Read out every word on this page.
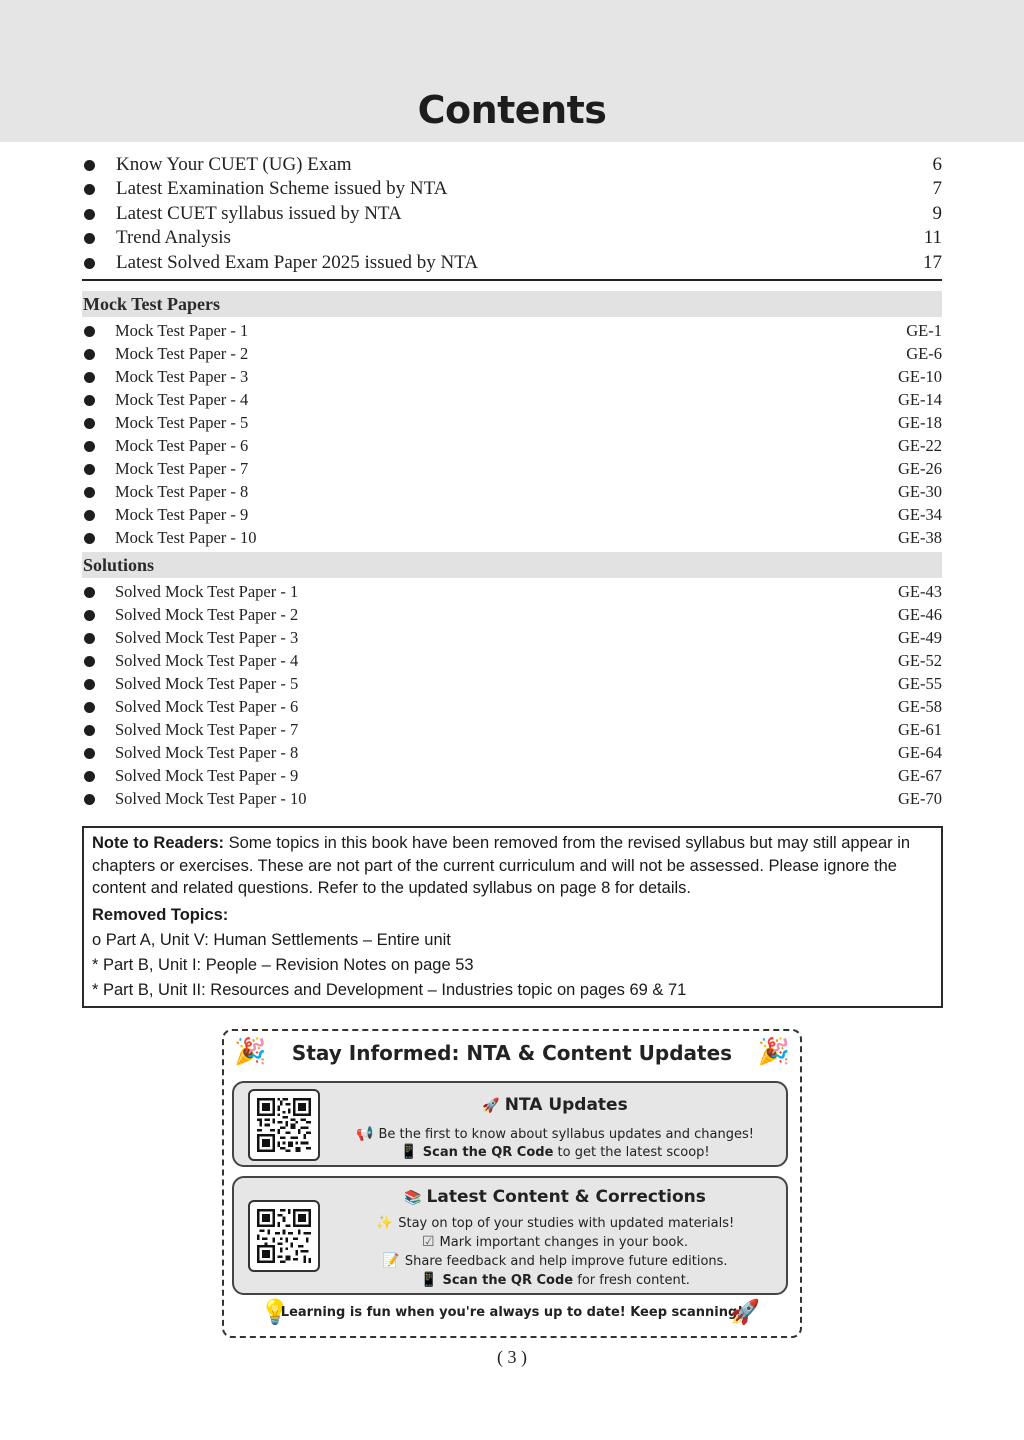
Contents
Know Your CUET (UG) Exam	6
Latest Examination Scheme issued by NTA	7
Latest CUET syllabus issued by NTA	9
Trend Analysis	11
Latest Solved Exam Paper 2025 issued by NTA	17
Mock Test Papers
Mock Test Paper - 1	GE-1
Mock Test Paper - 2	GE-6
Mock Test Paper - 3	GE-10
Mock Test Paper - 4	GE-14
Mock Test Paper - 5	GE-18
Mock Test Paper - 6	GE-22
Mock Test Paper - 7	GE-26
Mock Test Paper - 8	GE-30
Mock Test Paper - 9	GE-34
Mock Test Paper - 10	GE-38
Solutions
Solved Mock Test Paper - 1	GE-43
Solved Mock Test Paper - 2	GE-46
Solved Mock Test Paper - 3	GE-49
Solved Mock Test Paper - 4	GE-52
Solved Mock Test Paper - 5	GE-55
Solved Mock Test Paper - 6	GE-58
Solved Mock Test Paper - 7	GE-61
Solved Mock Test Paper - 8	GE-64
Solved Mock Test Paper - 9	GE-67
Solved Mock Test Paper - 10	GE-70
Note to Readers: Some topics in this book have been removed from the revised syllabus but may still appear in chapters or exercises. These are not part of the current curriculum and will not be assessed. Please ignore the content and related questions. Refer to the updated syllabus on page 8 for details.
Removed Topics:
o Part A, Unit V: Human Settlements – Entire unit
* Part B, Unit I: People – Revision Notes on page 53
* Part B, Unit II: Resources and Development – Industries topic on pages 69 & 71
🎉	Stay Informed: NTA & Content Updates 🎉
🚀 NTA Updates
📢 Be the first to know about syllabus updates and changes!
📱 Scan the QR Code to get the latest scoop!
📚 Latest Content & Corrections
✨ Stay on top of your studies with updated materials!
☑ Mark important changes in your book.
📝 Share feedback and help improve future editions.
📱 Scan the QR Code for fresh content.
💡
Learning is fun when you're always up to date! Keep scanning!
🚀
( 3 )
